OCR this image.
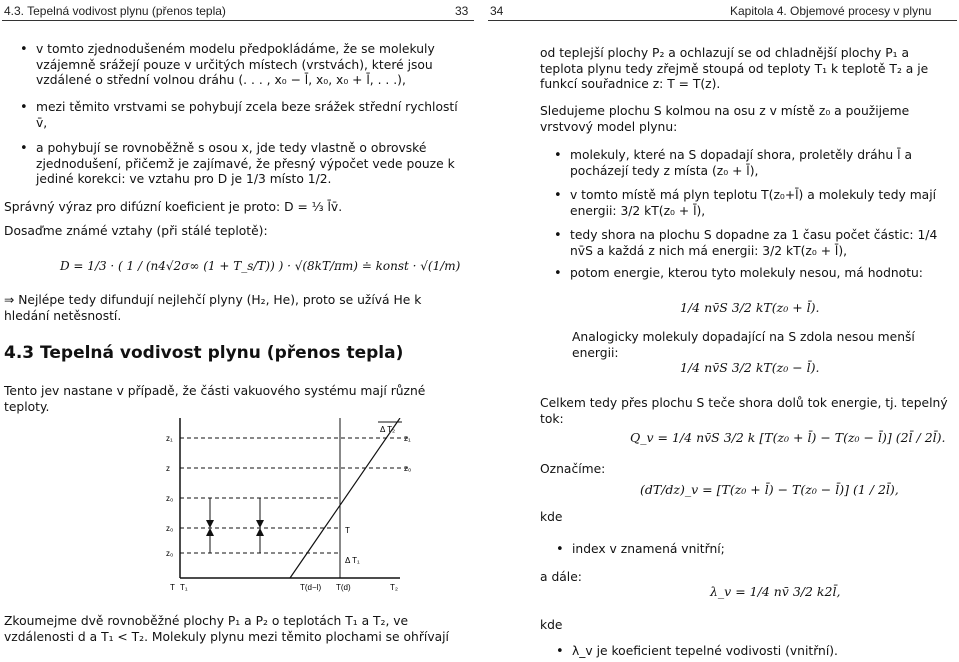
4.3. Tepelná vodivost plynu (přenos tepla)	33
• v tomto zjednodušeném modelu předpokládáme, že se molekuly vzájemně srážejí pouze v určitých místech (vrstvách), které jsou vzdálené o střední volnou dráhu (. . . , x₀ − l̄, x₀, x₀ + l̄, . . .),
• mezi těmito vrstvami se pohybují zcela beze srážek střední rychlostí v̄,
• a pohybují se rovnoběžně s osou x, jde tedy vlastně o obrovské zjednodušení, přičemž je zajímavé, že přesný výpočet vede pouze k jediné korekci: ve vztahu pro D je 1/3 místo 1/2.
Správný výraz pro difúzní koeficient je proto: D = ⅓ l̄v̄.
Dosaďme známé vztahy (při stálé teplotě):
D = 1/3 · ( 1 / (n4√2σ∞ (1 + T_s/T)) ) · √(8kT/πm) ≐ konst · √(1/m)
⇒ Nejlépe tedy difundují nejlehčí plyny (H₂, He), proto se užívá He k hledání netěsností.
4.3 Tepelná vodivost plynu (přenos tepla)
Tento jev nastane v případě, že části vakuového systému mají různé teploty.
Δ T₂
z₁
z
z₀
z₀
z₀
z₁
z₀
T T₁	T(d−l) T(d)	T₂
T
Δ T₁
Zkoumejme dvě rovnoběžné plochy P₁ a P₂ o teplotách T₁ a T₂, ve vzdálenosti d a T₁ < T₂. Molekuly plynu mezi těmito plochami se ohřívají
34	Kapitola 4. Objemové procesy v plynu
od teplejší plochy P₂ a ochlazují se od chladnější plochy P₁ a teplota plynu tedy zřejmě stoupá od teploty T₁ k teplotě T₂ a je funkcí souřadnice z: T = T(z).
Sledujeme plochu S kolmou na osu z v místě z₀ a použijeme vrstvový model plynu:
• molekuly, které na S dopadají shora, proletěly dráhu l̄ a pocházejí tedy z místa (z₀ + l̄),
• v tomto místě má plyn teplotu T(z₀+l̄) a molekuly tedy mají energii: 3/2 kT(z₀ + l̄),
• tedy shora na plochu S dopadne za 1 času počet částic: 1/4 nv̄S a každá z nich má energii: 3/2 kT(z₀ + l̄),
• potom energie, kterou tyto molekuly nesou, má hodnotu:
1/4 nv̄S 3/2 kT(z₀ + l̄).
Analogicky molekuly dopadající na S zdola nesou menší energii:
1/4 nv̄S 3/2 kT(z₀ − l̄).
Celkem tedy přes plochu S teče shora dolů tok energie, tj. tepelný tok:
Q_v = 1/4 nv̄S 3/2 k [T(z₀ + l̄) − T(z₀ − l̄)] (2l̄ / 2l̄).
Označíme:
(dT/dz)_v = [T(z₀ + l̄) − T(z₀ − l̄)] (1 / 2l̄),
kde
• index v znamená vnitřní;
a dále:
λ_v = 1/4 nv̄ 3/2 k2l̄,
kde
• λ_v je koeficient tepelné vodivosti (vnitřní).
